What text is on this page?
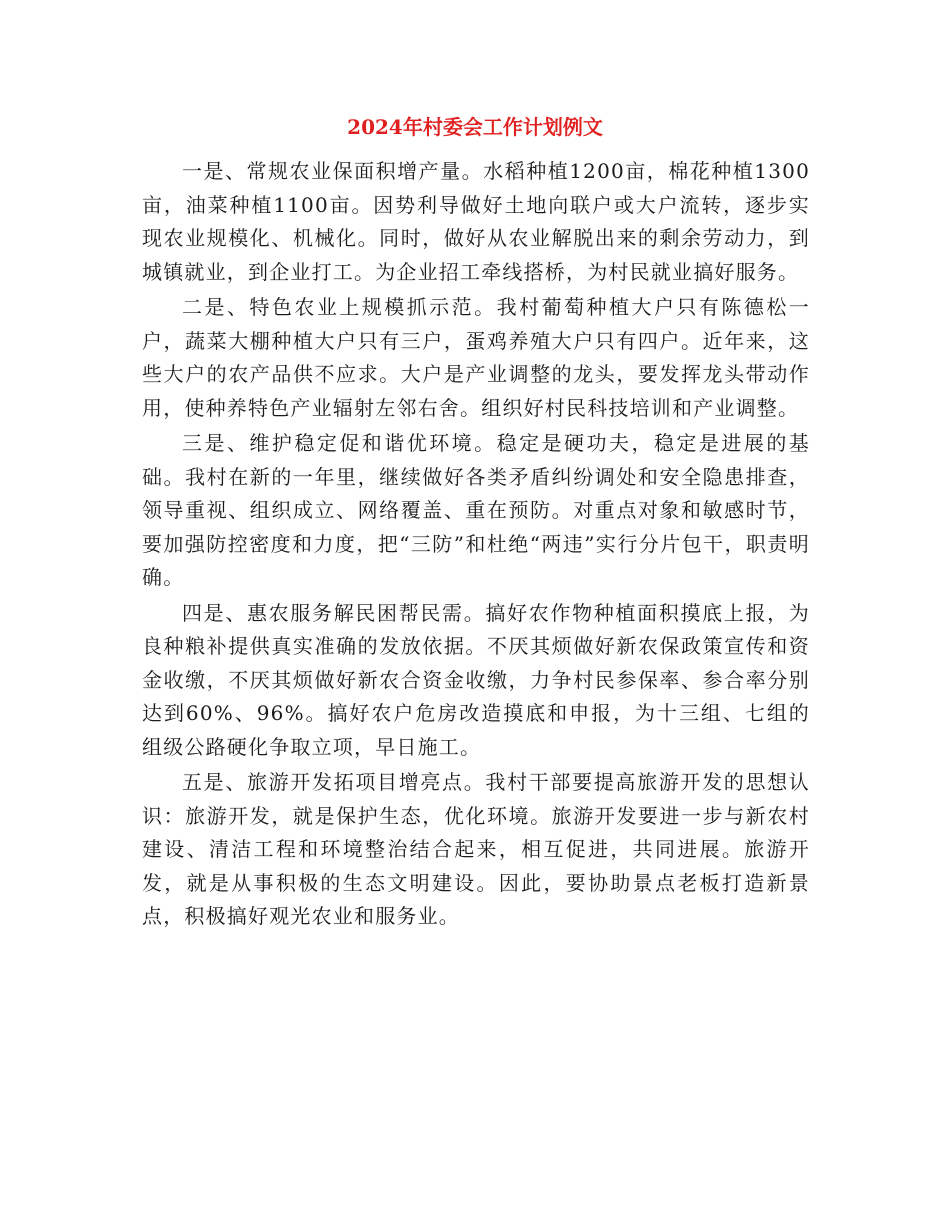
2024年村委会工作计划例文

一是、常规农业保面积增产量。水稻种植1200亩，棉花种植1300亩，油菜种植1100亩。因势利导做好土地向联户或大户流转，逐步实现农业规模化、机械化。同时，做好从农业解脱出来的剩余劳动力，到城镇就业，到企业打工。为企业招工牵线搭桥，为村民就业搞好服务。

二是、特色农业上规模抓示范。我村葡萄种植大户只有陈德松一户，蔬菜大棚种植大户只有三户，蛋鸡养殖大户只有四户。近年来，这些大户的农产品供不应求。大户是产业调整的龙头，要发挥龙头带动作用，使种养特色产业辐射左邻右舍。组织好村民科技培训和产业调整。

三是、维护稳定促和谐优环境。稳定是硬功夫，稳定是进展的基础。我村在新的一年里，继续做好各类矛盾纠纷调处和安全隐患排查，领导重视、组织成立、网络覆盖、重在预防。对重点对象和敏感时节，要加强防控密度和力度，把“三防”和杜绝“两违”实行分片包干，职责明确。

四是、惠农服务解民困帮民需。搞好农作物种植面积摸底上报，为良种粮补提供真实准确的发放依据。不厌其烦做好新农保政策宣传和资金收缴，不厌其烦做好新农合资金收缴，力争村民参保率、参合率分别达到60%、96%。搞好农户危房改造摸底和申报，为十三组、七组的组级公路硬化争取立项，早日施工。

五是、旅游开发拓项目增亮点。我村干部要提高旅游开发的思想认识：旅游开发，就是保护生态，优化环境。旅游开发要进一步与新农村建设、清洁工程和环境整治结合起来，相互促进，共同进展。旅游开发，就是从事积极的生态文明建设。因此，要协助景点老板打造新景点，积极搞好观光农业和服务业。
